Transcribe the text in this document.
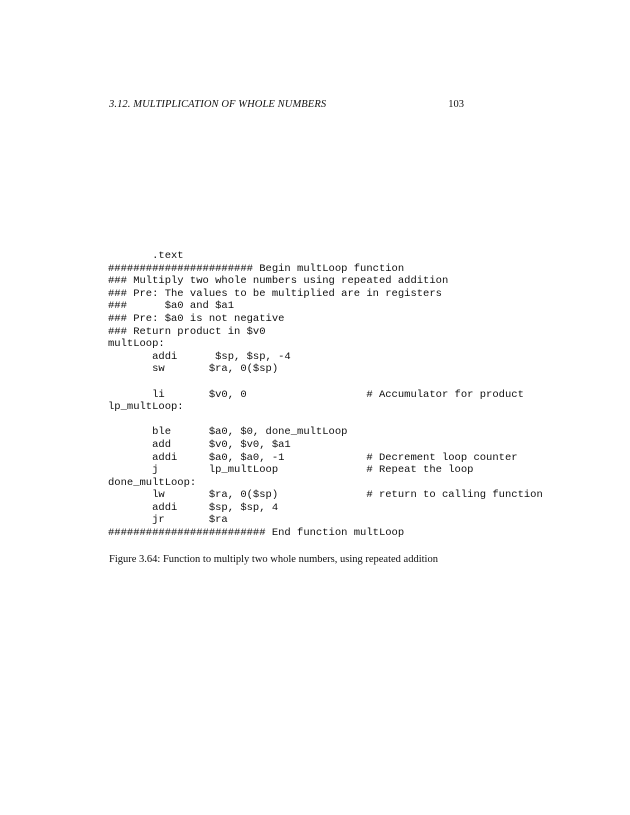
3.12. MULTIPLICATION OF WHOLE NUMBERS	103
.text
####################### Begin multLoop function
### Multiply two whole numbers using repeated addition
### Pre: The values to be multiplied are in registers
###      $a0 and $a1
### Pre: $a0 is not negative
### Return product in $v0
multLoop:
addi      $sp, $sp, -4
sw       $ra, 0($sp)
li       $v0, 0                   # Accumulator for product
lp_multLoop:
ble      $a0, $0, done_multLoop
add      $v0, $v0, $a1
addi     $a0, $a0, -1             # Decrement loop counter
j        lp_multLoop              # Repeat the loop
done_multLoop:
lw       $ra, 0($sp)              # return to calling function
addi     $sp, $sp, 4
jr       $ra
######################### End function multLoop
Figure 3.64: Function to multiply two whole numbers, using repeated addition
